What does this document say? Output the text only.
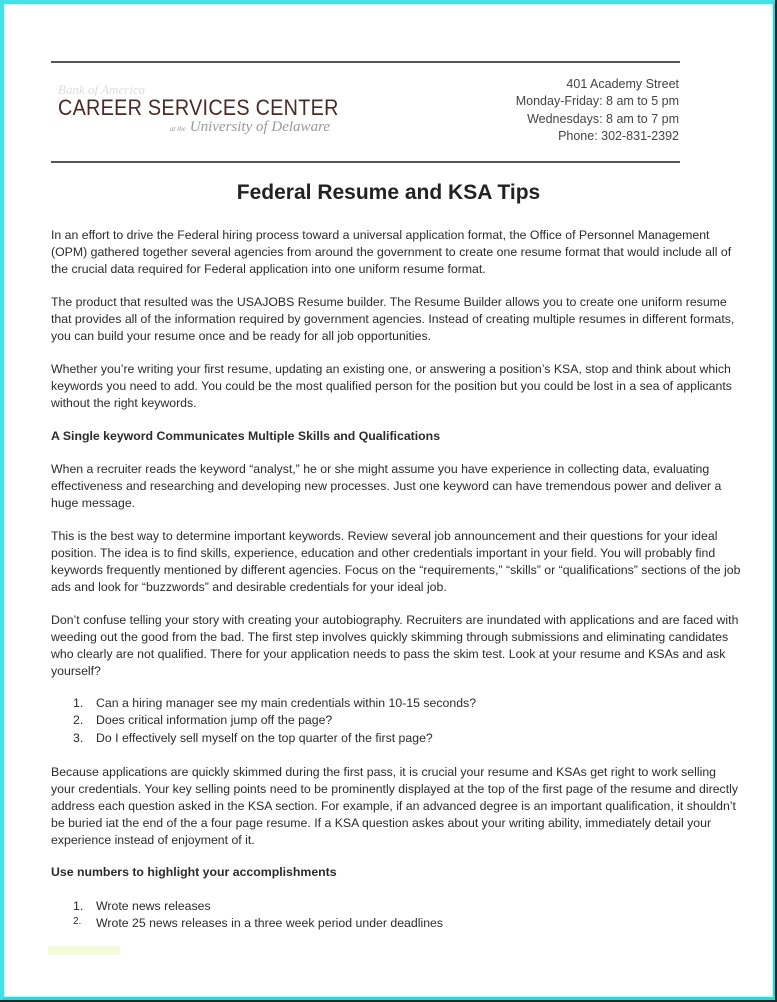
Bank of America
CAREER SERVICES CENTER
at the University of Delaware
401 Academy Street
Monday-Friday: 8 am to 5 pm
Wednesdays: 8 am to 7 pm
Phone: 302-831-2392
Federal Resume and KSA Tips

In an effort to drive the Federal hiring process toward a universal application format, the Office of Personnel Management (OPM) gathered together several agencies from around the government to create one resume format that would include all of the crucial data required for Federal application into one uniform resume format.

The product that resulted was the USAJOBS Resume builder. The Resume Builder allows you to create one uniform resume that provides all of the information required by government agencies. Instead of creating multiple resumes in different formats, you can build your resume once and be ready for all job opportunities.

Whether you’re writing your first resume, updating an existing one, or answering a position’s KSA, stop and think about which keywords you need to add. You could be the most qualified person for the position but you could be lost in a sea of applicants without the right keywords.

A Single keyword Communicates Multiple Skills and Qualifications

When a recruiter reads the keyword “analyst,” he or she might assume you have experience in collecting data, evaluating effectiveness and researching and developing new processes. Just one keyword can have tremendous power and deliver a huge message.

This is the best way to determine important keywords. Review several job announcement and their questions for your ideal position. The idea is to find skills, experience, education and other credentials important in your field. You will probably find keywords frequently mentioned by different agencies. Focus on the “requirements,” “skills” or “qualifications” sections of the job ads and look for “buzzwords” and desirable credentials for your ideal job.

Don’t confuse telling your story with creating your autobiography. Recruiters are inundated with applications and are faced with weeding out the good from the bad. The first step involves quickly skimming through submissions and eliminating candidates who clearly are not qualified. There for your application needs to pass the skim test. Look at your resume and KSAs and ask yourself?

1. Can a hiring manager see my main credentials within 10-15 seconds?
2. Does critical information jump off the page?
3. Do I effectively sell myself on the top quarter of the first page?

Because applications are quickly skimmed during the first pass, it is crucial your resume and KSAs get right to work selling your credentials. Your key selling points need to be prominently displayed at the top of the first page of the resume and directly address each question asked in the KSA section. For example, if an advanced degree is an important qualification, it shouldn’t be buried iat the end of the a four page resume. If a KSA question askes about your writing ability, immediately detail your experience instead of enjoyment of it.

Use numbers to highlight your accomplishments

1. Wrote news releases
2. Wrote 25 news releases in a three week period under deadlines
